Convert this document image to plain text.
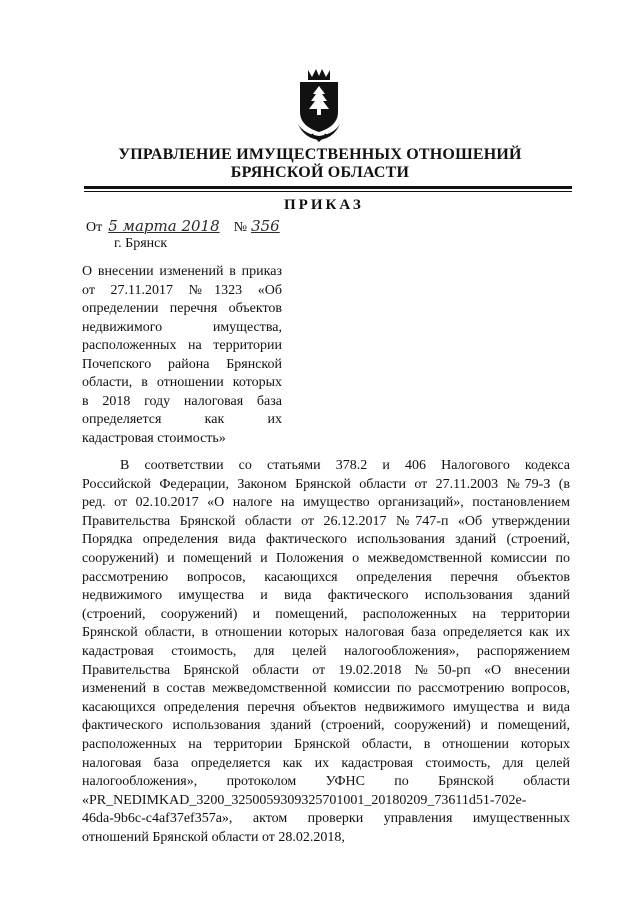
УПРАВЛЕНИЕ ИМУЩЕСТВЕННЫХ ОТНОШЕНИЙ
БРЯНСКОЙ ОБЛАСТИ
ПРИКАЗ
От 5 марта 2018 № 356
г. Брянск
О внесении изменений в приказ
от 27.11.2017 №1323 «Об
определении перечня объектов
недвижимого имущества,
расположенных на территории
Почепского района Брянской
области, в отношении которых
в 2018 году налоговая база
определяется как их
кадастровая стоимость»
В соответствии со статьями 378.2 и 406 Налогового кодекса
Российской Федерации, Законом Брянской области от 27.11.2003 №79-З (в
ред. от 02.10.2017 «О налоге на имущество организаций», постановлением
Правительства Брянской области от 26.12.2017 №747-п «Об утверждении
Порядка определения вида фактического использования зданий (строений,
сооружений) и помещений и Положения о межведомственной комиссии по
рассмотрению вопросов, касающихся определения перечня объектов
недвижимого имущества и вида фактического использования зданий
(строений, сооружений) и помещений, расположенных на территории
Брянской области, в отношении которых налоговая база определяется как их
кадастровая стоимость, для целей налогообложения», распоряжением
Правительства Брянской области от 19.02.2018 №50-рп «О внесении
изменений в состав межведомственной комиссии по рассмотрению вопросов,
касающихся определения перечня объектов недвижимого имущества и вида
фактического использования зданий (строений, сооружений) и помещений,
расположенных на территории Брянской области, в отношении которых
налоговая база определяется как их кадастровая стоимость, для целей
налогообложения», протоколом УФНС по Брянской области
«PR_NEDIMKAD_3200_3250059309325701001_20180209_73611d51-702e-
46da-9b6c-c4af37ef357a», актом проверки управления имущественных
отношений Брянской области от 28.02.2018,
